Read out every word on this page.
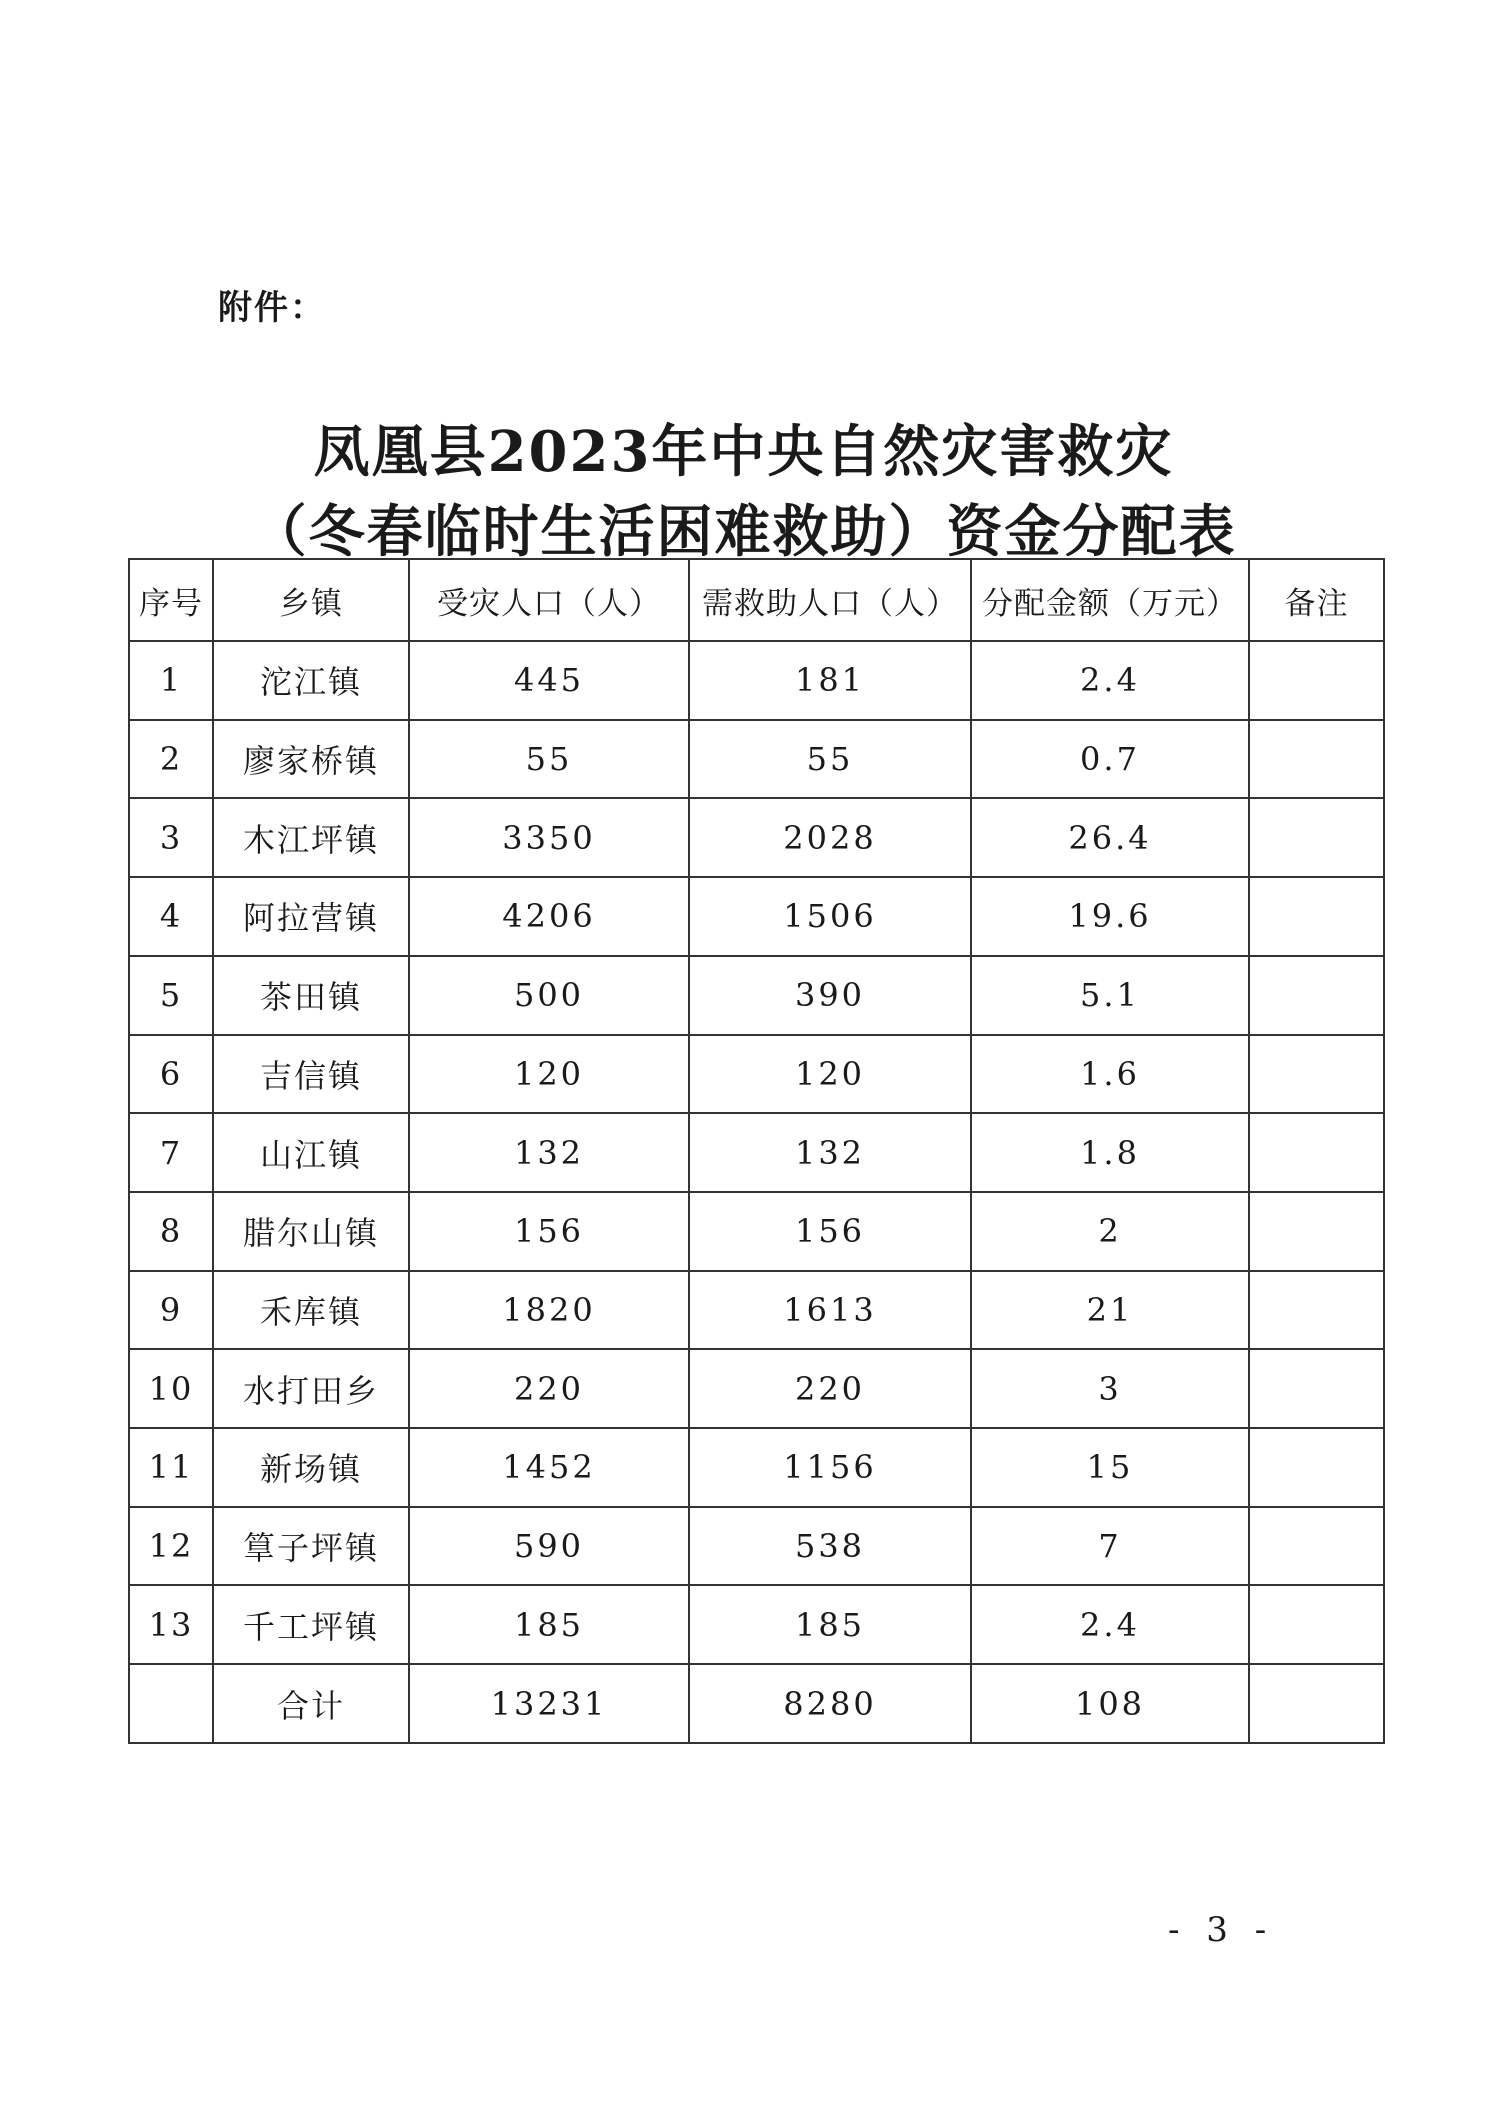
附件：
凤凰县2023年中央自然灾害救灾
（冬春临时生活困难救助）资金分配表
序号	乡镇	受灾人口（人）	需救助人口（人）	分配金额（万元）	备注
1	沱江镇	445	181	2.4	
2	廖家桥镇	55	55	0.7	
3	木江坪镇	3350	2028	26.4	
4	阿拉营镇	4206	1506	19.6	
5	茶田镇	500	390	5.1	
6	吉信镇	120	120	1.6	
7	山江镇	132	132	1.8	
8	腊尔山镇	156	156	2	
9	禾库镇	1820	1613	21	
10	水打田乡	220	220	3	
11	新场镇	1452	1156	15	
12	筸子坪镇	590	538	7	
13	千工坪镇	185	185	2.4	
	合计	13231	8280	108	
- 3 -
